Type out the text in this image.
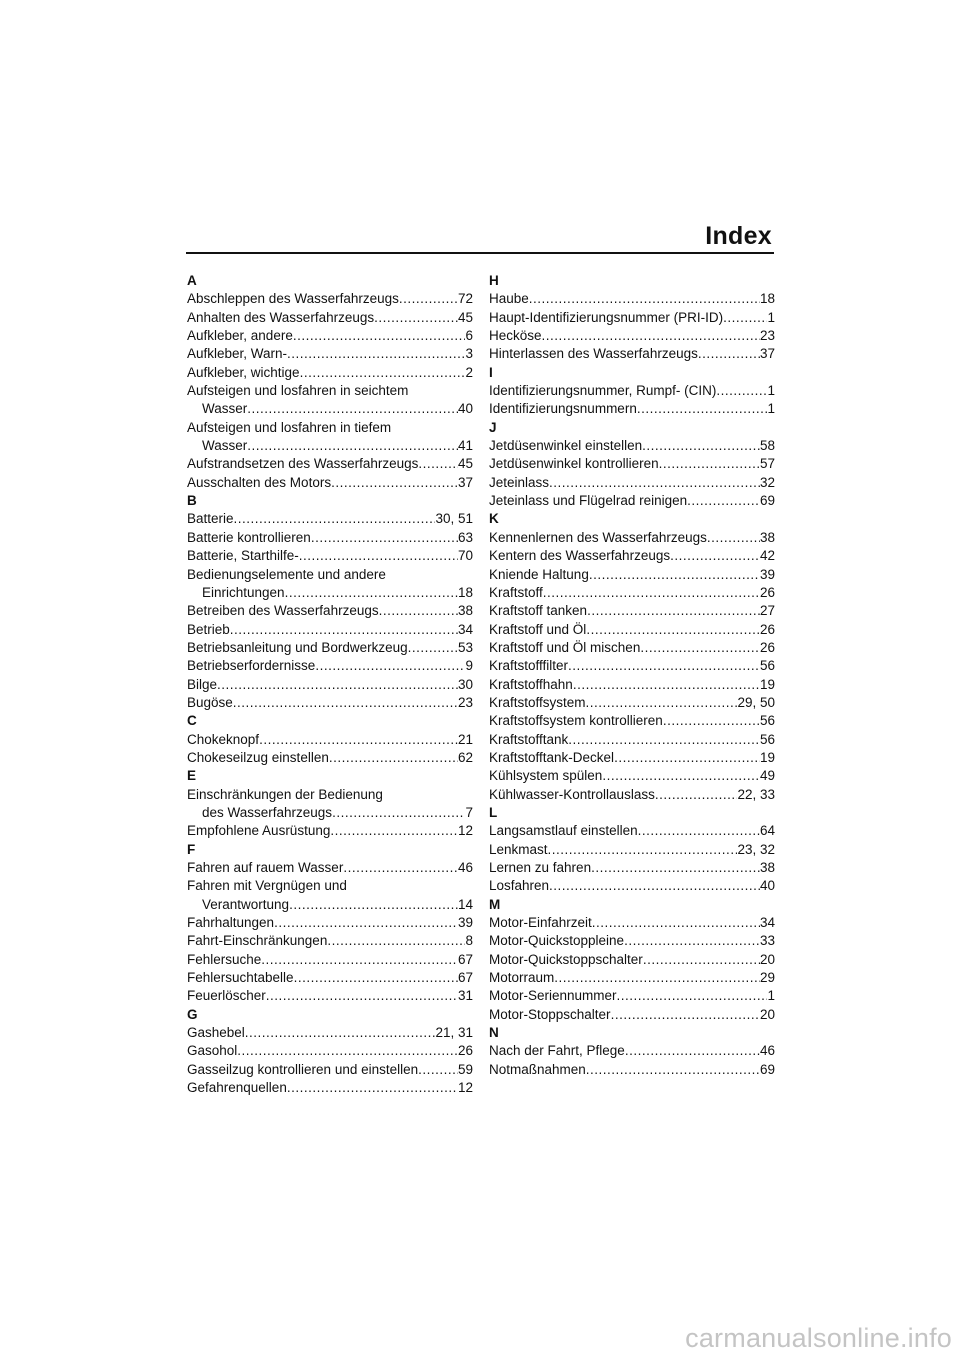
Index
A
Abschleppen des Wasserfahrzeugs .....	72
Anhalten des Wasserfahrzeugs .....	45
Aufkleber, andere .....	6
Aufkleber, Warn- .....	3
Aufkleber, wichtige .....	2
Aufsteigen und losfahren in seichtem
Wasser .....	40
Aufsteigen und losfahren in tiefem
Wasser .....	41
Aufstrandsetzen des Wasserfahrzeugs .....	45
Ausschalten des Motors .....	37
B
Batterie .....	30, 51
Batterie kontrollieren .....	63
Batterie, Starthilfe- .....	70
Bedienungselemente und andere
Einrichtungen .....	18
Betreiben des Wasserfahrzeugs .....	38
Betrieb .....	34
Betriebsanleitung und Bordwerkzeug .....	53
Betriebserfordernisse .....	9
Bilge .....	30
Bugöse .....	23
C
Chokeknopf .....	21
Chokeseilzug einstellen .....	62
E
Einschränkungen der Bedienung
des Wasserfahrzeugs .....	7
Empfohlene Ausrüstung .....	12
F
Fahren auf rauem Wasser .....	46
Fahren mit Vergnügen und
Verantwortung .....	14
Fahrhaltungen .....	39
Fahrt-Einschränkungen .....	8
Fehlersuche .....	67
Fehlersuchtabelle .....	67
Feuerlöscher .....	31
G
Gashebel .....	21, 31
Gasohol .....	26
Gasseilzug kontrollieren und einstellen .....	59
Gefahrenquellen .....	12
H
Haube .....	18
Haupt-Identifizierungsnummer (PRI-ID) .....	1
Hecköse .....	23
Hinterlassen des Wasserfahrzeugs .....	37
I
Identifizierungsnummer, Rumpf- (CIN) .....	1
Identifizierungsnummern .....	1
J
Jetdüsenwinkel einstellen .....	58
Jetdüsenwinkel kontrollieren .....	57
Jeteinlass .....	32
Jeteinlass und Flügelrad reinigen .....	69
K
Kennenlernen des Wasserfahrzeugs .....	38
Kentern des Wasserfahrzeugs .....	42
Kniende Haltung .....	39
Kraftstoff .....	26
Kraftstoff tanken .....	27
Kraftstoff und Öl .....	26
Kraftstoff und Öl mischen .....	26
Kraftstofffilter .....	56
Kraftstoffhahn .....	19
Kraftstoffsystem .....	29, 50
Kraftstoffsystem kontrollieren .....	56
Kraftstofftank .....	56
Kraftstofftank-Deckel .....	19
Kühlsystem spülen .....	49
Kühlwasser-Kontrollauslass .....	22, 33
L
Langsamstlauf einstellen .....	64
Lenkmast .....	23, 32
Lernen zu fahren .....	38
Losfahren .....	40
M
Motor-Einfahrzeit .....	34
Motor-Quickstoppleine .....	33
Motor-Quickstoppschalter .....	20
Motorraum .....	29
Motor-Seriennummer .....	1
Motor-Stoppschalter .....	20
N
Nach der Fahrt, Pflege .....	46
Notmaßnahmen .....	69
carmanualsonline.info
